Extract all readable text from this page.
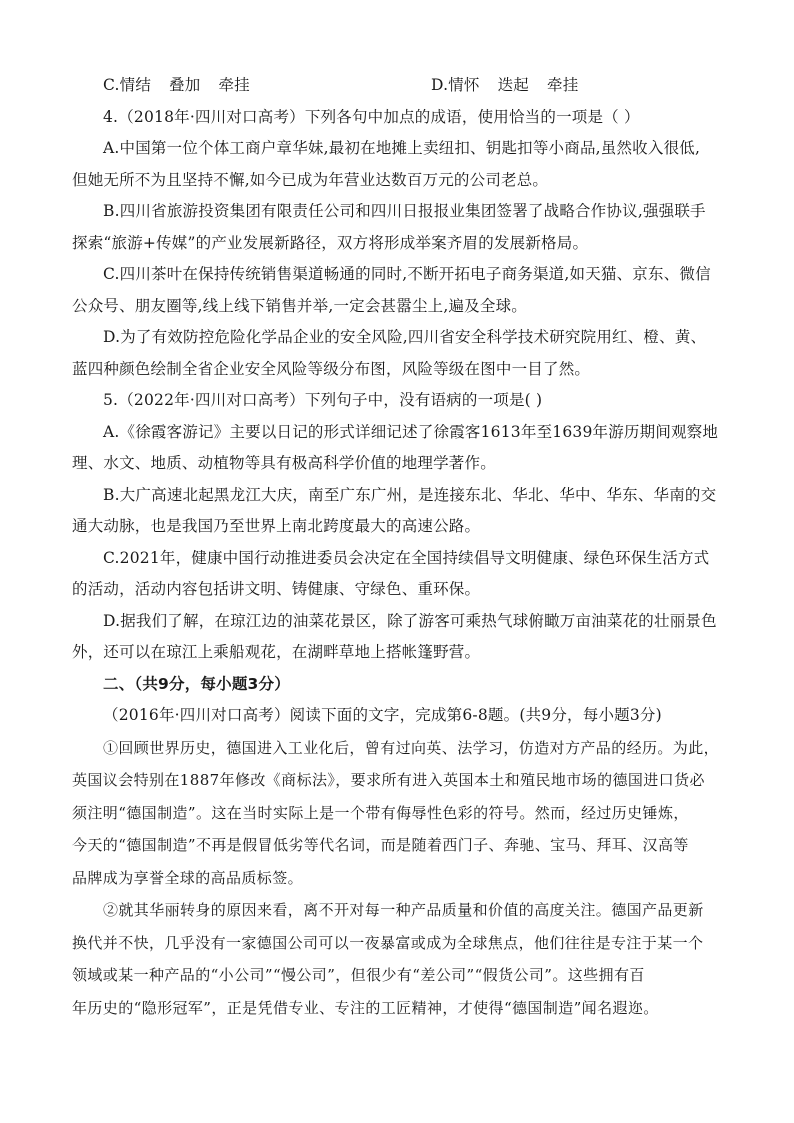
C.情结 叠加 牵挂	D.情怀 迭起 牵挂
4.（2018年·四川对口高考）下列各句中加点的成语，使用恰当的一项是（ ）
A.中国第一位个体工商户章华妹,最初在地摊上卖纽扣、钥匙扣等小商品,虽然收入很低,
但她无所不为且坚持不懈,如今已成为年营业达数百万元的公司老总。
B.四川省旅游投资集团有限责任公司和四川日报报业集团签署了战略合作协议,强强联手
探索“旅游+传媒”的产业发展新路径，双方将形成举案齐眉的发展新格局。
C.四川茶叶在保持传统销售渠道畅通的同时,不断开拓电子商务渠道,如天猫、京东、微信
公众号、朋友圈等,线上线下销售并举,一定会甚嚣尘上,遍及全球。
D.为了有效防控危险化学品企业的安全风险,四川省安全科学技术研究院用红、橙、黄、
蓝四种颜色绘制全省企业安全风险等级分布图，风险等级在图中一目了然。
5.（2022年·四川对口高考）下列句子中，没有语病的一项是( )
A.《徐霞客游记》主要以日记的形式详细记述了徐霞客1613年至1639年游历期间观察地
理、水文、地质、动植物等具有极高科学价值的地理学著作。
B.大广高速北起黑龙江大庆，南至广东广州，是连接东北、华北、华中、华东、华南的交
通大动脉，也是我国乃至世界上南北跨度最大的高速公路。
C.2021年，健康中国行动推进委员会决定在全国持续倡导文明健康、绿色环保生活方式
的活动，活动内容包括讲文明、铸健康、守绿色、重环保。
D.据我们了解，在琼江边的油菜花景区，除了游客可乘热气球俯瞰万亩油菜花的壮丽景色
外，还可以在琼江上乘船观花，在湖畔草地上搭帐篷野营。
二、（共9分，每小题3分）
（2016年·四川对口高考）阅读下面的文字，完成第6-8题。(共9分，每小题3分)
①回顾世界历史，德国进入工业化后，曾有过向英、法学习，仿造对方产品的经历。为此，
英国议会特别在1887年修改《商标法》，要求所有进入英国本土和殖民地市场的德国进口货必
须注明“德国制造”。这在当时实际上是一个带有侮辱性色彩的符号。然而，经过历史锤炼，
今天的“德国制造”不再是假冒低劣等代名词，而是随着西门子、奔驰、宝马、拜耳、汉高等
品牌成为享誉全球的高品质标签。
②就其华丽转身的原因来看，离不开对每一种产品质量和价值的高度关注。德国产品更新
换代并不快，几乎没有一家德国公司可以一夜暴富或成为全球焦点，他们往往是专注于某一个
领域或某一种产品的“小公司”“慢公司”，但很少有“差公司”“假货公司”。这些拥有百
年历史的“隐形冠军”，正是凭借专业、专注的工匠精神，才使得“德国制造”闻名遐迩。
